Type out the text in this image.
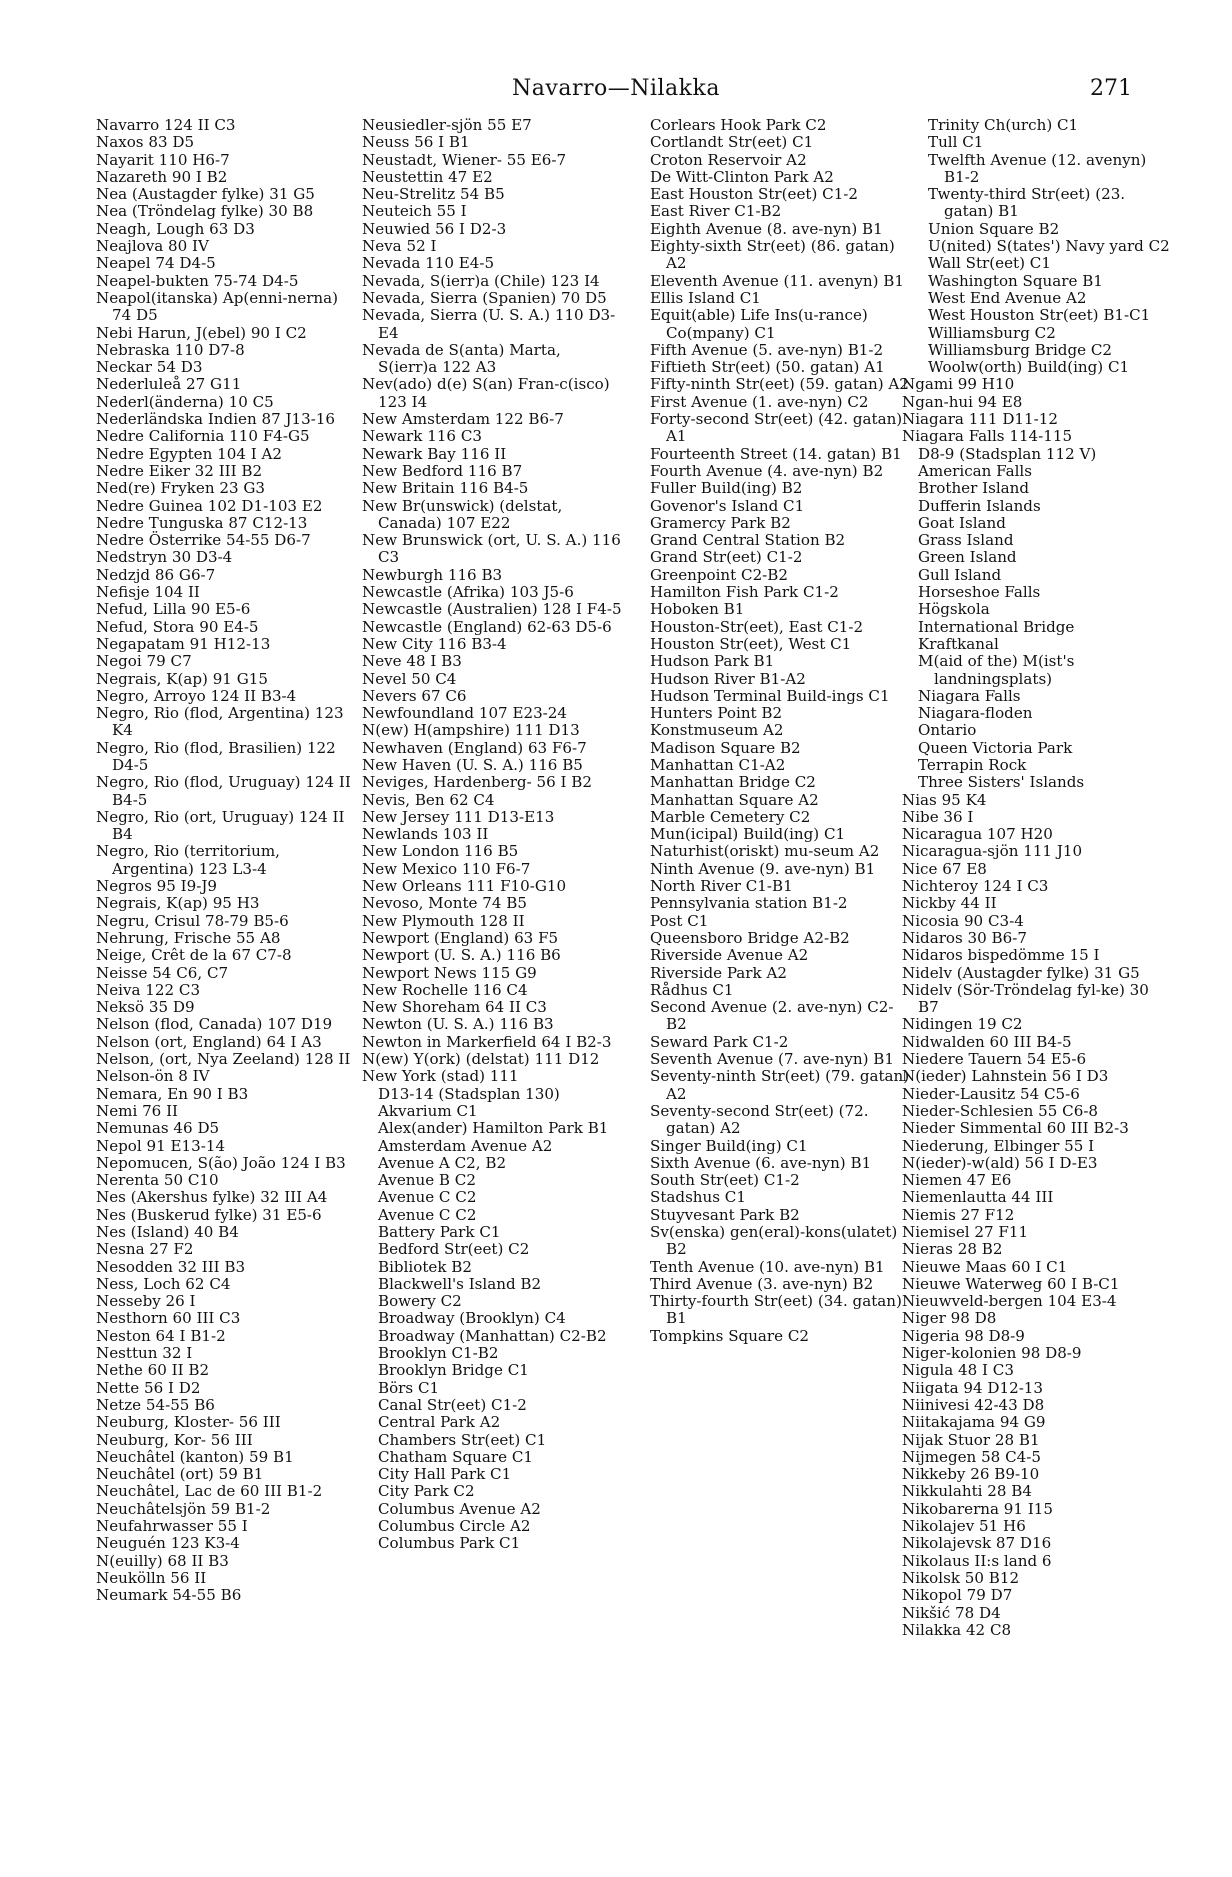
Navarro—Nilakka	271
Navarro 124 II C3
Naxos 83 D5
Nayarit 110 H6-7
Nazareth 90 I B2
Nea (Austagder fylke) 31 G5
Nea (Tröndelag fylke) 30 B8
Neagh, Lough 63 D3
Neajlova 80 IV
Neapel 74 D4-5
Neapel-bukten 75-74 D4-5
Neapol(itanska) Ap(enni-nerna) 74 D5
Nebi Harun, J(ebel) 90 I C2
Nebraska 110 D7-8
Neckar 54 D3
Nederluleå 27 G11
Nederl(änderna) 10 C5
Nederländska Indien 87 J13-16
Nedre California 110 F4-G5
Nedre Egypten 104 I A2
Nedre Eiker 32 III B2
Ned(re) Fryken 23 G3
Nedre Guinea 102 D1-103 E2
Nedre Tunguska 87 C12-13
Nedre Österrike 54-55 D6-7
Nedstryn 30 D3-4
Nedzjd 86 G6-7
Nefisje 104 II
Nefud, Lilla 90 E5-6
Nefud, Stora 90 E4-5
Negapatam 91 H12-13
Negoi 79 C7
Negrais, K(ap) 91 G15
Negro, Arroyo 124 II B3-4
Negro, Rio (flod, Argentina) 123 K4
Negro, Rio (flod, Brasilien) 122 D4-5
Negro, Rio (flod, Uruguay) 124 II B4-5
Negro, Rio (ort, Uruguay) 124 II B4
Negro, Rio (territorium, Argentina) 123 L3-4
Negros 95 I9-J9
Negrais, K(ap) 95 H3
Negru, Crisul 78-79 B5-6
Nehrung, Frische 55 A8
Neige, Crêt de la 67 C7-8
Neisse 54 C6, C7
Neiva 122 C3
Neksö 35 D9
Nelson (flod, Canada) 107 D19
Nelson (ort, England) 64 I A3
Nelson, (ort, Nya Zeeland) 128 II
Nelson-ön 8 IV
Nemara, En 90 I B3
Nemi 76 II
Nemunas 46 D5
Nepol 91 E13-14
Nepomucen, S(ão) João 124 I B3
Nerenta 50 C10
Nes (Akershus fylke) 32 III A4
Nes (Buskerud fylke) 31 E5-6
Nes (Island) 40 B4
Nesna 27 F2
Nesodden 32 III B3
Ness, Loch 62 C4
Nesseby 26 I
Nesthorn 60 III C3
Neston 64 I B1-2
Nesttun 32 I
Nethe 60 II B2
Nette 56 I D2
Netze 54-55 B6
Neuburg, Kloster- 56 III
Neuburg, Kor- 56 III
Neuchâtel (kanton) 59 B1
Neuchâtel (ort) 59 B1
Neuchâtel, Lac de 60 III B1-2
Neuchâtelsjön 59 B1-2
Neufahrwasser 55 I
Neuguén 123 K3-4
N(euilly) 68 II B3
Neukölln 56 II
Neumark 54-55 B6
Neusiedler-sjön 55 E7
Neuss 56 I B1
Neustadt, Wiener- 55 E6-7
Neustettin 47 E2
Neu-Strelitz 54 B5
Neuteich 55 I
Neuwied 56 I D2-3
Neva 52 I
Nevada 110 E4-5
Nevada, S(ierr)a (Chile) 123 I4
Nevada, Sierra (Spanien) 70 D5
Nevada, Sierra (U. S. A.) 110 D3-E4
Nevada de S(anta) Marta, S(ierr)a 122 A3
Nev(ado) d(e) S(an) Fran-c(isco) 123 I4
New Amsterdam 122 B6-7
Newark 116 C3
Newark Bay 116 II
New Bedford 116 B7
New Britain 116 B4-5
New Br(unswick) (delstat, Canada) 107 E22
New Brunswick (ort, U. S. A.) 116 C3
Newburgh 116 B3
Newcastle (Afrika) 103 J5-6
Newcastle (Australien) 128 I F4-5
Newcastle (England) 62-63 D5-6
New City 116 B3-4
Neve 48 I B3
Nevel 50 C4
Nevers 67 C6
Newfoundland 107 E23-24
N(ew) H(ampshire) 111 D13
Newhaven (England) 63 F6-7
New Haven (U. S. A.) 116 B5
Neviges, Hardenberg- 56 I B2
Nevis, Ben 62 C4
New Jersey 111 D13-E13
Newlands 103 II
New London 116 B5
New Mexico 110 F6-7
New Orleans 111 F10-G10
Nevoso, Monte 74 B5
New Plymouth 128 II
Newport (England) 63 F5
Newport (U. S. A.) 116 B6
Newport News 115 G9
New Rochelle 116 C4
New Shoreham 64 II C3
Newton (U. S. A.) 116 B3
Newton in Markerfield 64 I B2-3
N(ew) Y(ork) (delstat) 111 D12
New York (stad) 111
D13-14 (Stadsplan 130)
Akvarium C1
Alex(ander) Hamilton Park B1
Amsterdam Avenue A2
Avenue A C2, B2
Avenue B C2
Avenue C C2
Avenue C C2
Battery Park C1
Bedford Str(eet) C2
Bibliotek B2
Blackwell's Island B2
Bowery C2
Broadway (Brooklyn) C4
Broadway (Manhattan) C2-B2
Brooklyn C1-B2
Brooklyn Bridge C1
Börs C1
Canal Str(eet) C1-2
Central Park A2
Chambers Str(eet) C1
Chatham Square C1
City Hall Park C1
City Park C2
Columbus Avenue A2
Columbus Circle A2
Columbus Park C1
Corlears Hook Park C2
Cortlandt Str(eet) C1
Croton Reservoir A2
De Witt-Clinton Park A2
East Houston Str(eet) C1-2
East River C1-B2
Eighth Avenue (8. ave-nyn) B1
Eighty-sixth Str(eet) (86. gatan) A2
Eleventh Avenue (11. avenyn) B1
Ellis Island C1
Equit(able) Life Ins(u-rance) Co(mpany) C1
Fifth Avenue (5. ave-nyn) B1-2
Fiftieth Str(eet) (50. gatan) A1
Fifty-ninth Str(eet) (59. gatan) A2
First Avenue (1. ave-nyn) C2
Forty-second Str(eet) (42. gatan) A1
Fourteenth Street (14. gatan) B1
Fourth Avenue (4. ave-nyn) B2
Fuller Build(ing) B2
Govenor's Island C1
Gramercy Park B2
Grand Central Station B2
Grand Str(eet) C1-2
Greenpoint C2-B2
Hamilton Fish Park C1-2
Hoboken B1
Houston-Str(eet), East C1-2
Houston Str(eet), West C1
Hudson Park B1
Hudson River B1-A2
Hudson Terminal Build-ings C1
Hunters Point B2
Konstmuseum A2
Madison Square B2
Manhattan C1-A2
Manhattan Bridge C2
Manhattan Square A2
Marble Cemetery C2
Mun(icipal) Build(ing) C1
Naturhist(oriskt) mu-seum A2
Ninth Avenue (9. ave-nyn) B1
North River C1-B1
Pennsylvania station B1-2
Post C1
Queensboro Bridge A2-B2
Riverside Avenue A2
Riverside Park A2
Rådhus C1
Second Avenue (2. ave-nyn) C2-B2
Seward Park C1-2
Seventh Avenue (7. ave-nyn) B1
Seventy-ninth Str(eet) (79. gatan) A2
Seventy-second Str(eet) (72. gatan) A2
Singer Build(ing) C1
Sixth Avenue (6. ave-nyn) B1
South Str(eet) C1-2
Stadshus C1
Stuyvesant Park B2
Sv(enska) gen(eral)-kons(ulatet) B2
Tenth Avenue (10. ave-nyn) B1
Third Avenue (3. ave-nyn) B2
Thirty-fourth Str(eet) (34. gatan) B1
Tompkins Square C2
Trinity Ch(urch) C1
Tull C1
Twelfth Avenue (12. avenyn) B1-2
Twenty-third Str(eet) (23. gatan) B1
Union Square B2
U(nited) S(tates') Navy yard C2
Wall Str(eet) C1
Washington Square B1
West End Avenue A2
West Houston Str(eet) B1-C1
Williamsburg C2
Williamsburg Bridge C2
Woolw(orth) Build(ing) C1
Ngami 99 H10
Ngan-hui 94 E8
Niagara 111 D11-12
Niagara Falls 114-115
D8-9 (Stadsplan 112 V)
American Falls
Brother Island
Dufferin Islands
Goat Island
Grass Island
Green Island
Gull Island
Horseshoe Falls
Högskola
International Bridge
Kraftkanal
M(aid of the) M(ist's landningsplats)
Niagara Falls
Niagara-floden
Ontario
Queen Victoria Park
Terrapin Rock
Three Sisters' Islands
Nias 95 K4
Nibe 36 I
Nicaragua 107 H20
Nicaragua-sjön 111 J10
Nice 67 E8
Nichteroy 124 I C3
Nickby 44 II
Nicosia 90 C3-4
Nidaros 30 B6-7
Nidaros bispedömme 15 I
Nidelv (Austagder fylke) 31 G5
Nidelv (Sör-Tröndelag fyl-ke) 30 B7
Nidingen 19 C2
Nidwalden 60 III B4-5
Niedere Tauern 54 E5-6
N(ieder) Lahnstein 56 I D3
Nieder-Lausitz 54 C5-6
Nieder-Schlesien 55 C6-8
Nieder Simmental 60 III B2-3
Niederung, Elbinger 55 I
N(ieder)-w(ald) 56 I D-E3
Niemen 47 E6
Niemenlautta 44 III
Niemis 27 F12
Niemisel 27 F11
Nieras 28 B2
Nieuwe Maas 60 I C1
Nieuwe Waterweg 60 I B-C1
Nieuwveld-bergen 104 E3-4
Niger 98 D8
Nigeria 98 D8-9
Niger-kolonien 98 D8-9
Nigula 48 I C3
Niigata 94 D12-13
Niinivesi 42-43 D8
Niitakajama 94 G9
Nijak Stuor 28 B1
Nijmegen 58 C4-5
Nikkeby 26 B9-10
Nikkulahti 28 B4
Nikobarerna 91 I15
Nikolajev 51 H6
Nikolajevsk 87 D16
Nikolaus II:s land 6
Nikolsk 50 B12
Nikopol 79 D7
Nikšić 78 D4
Nilakka 42 C8
